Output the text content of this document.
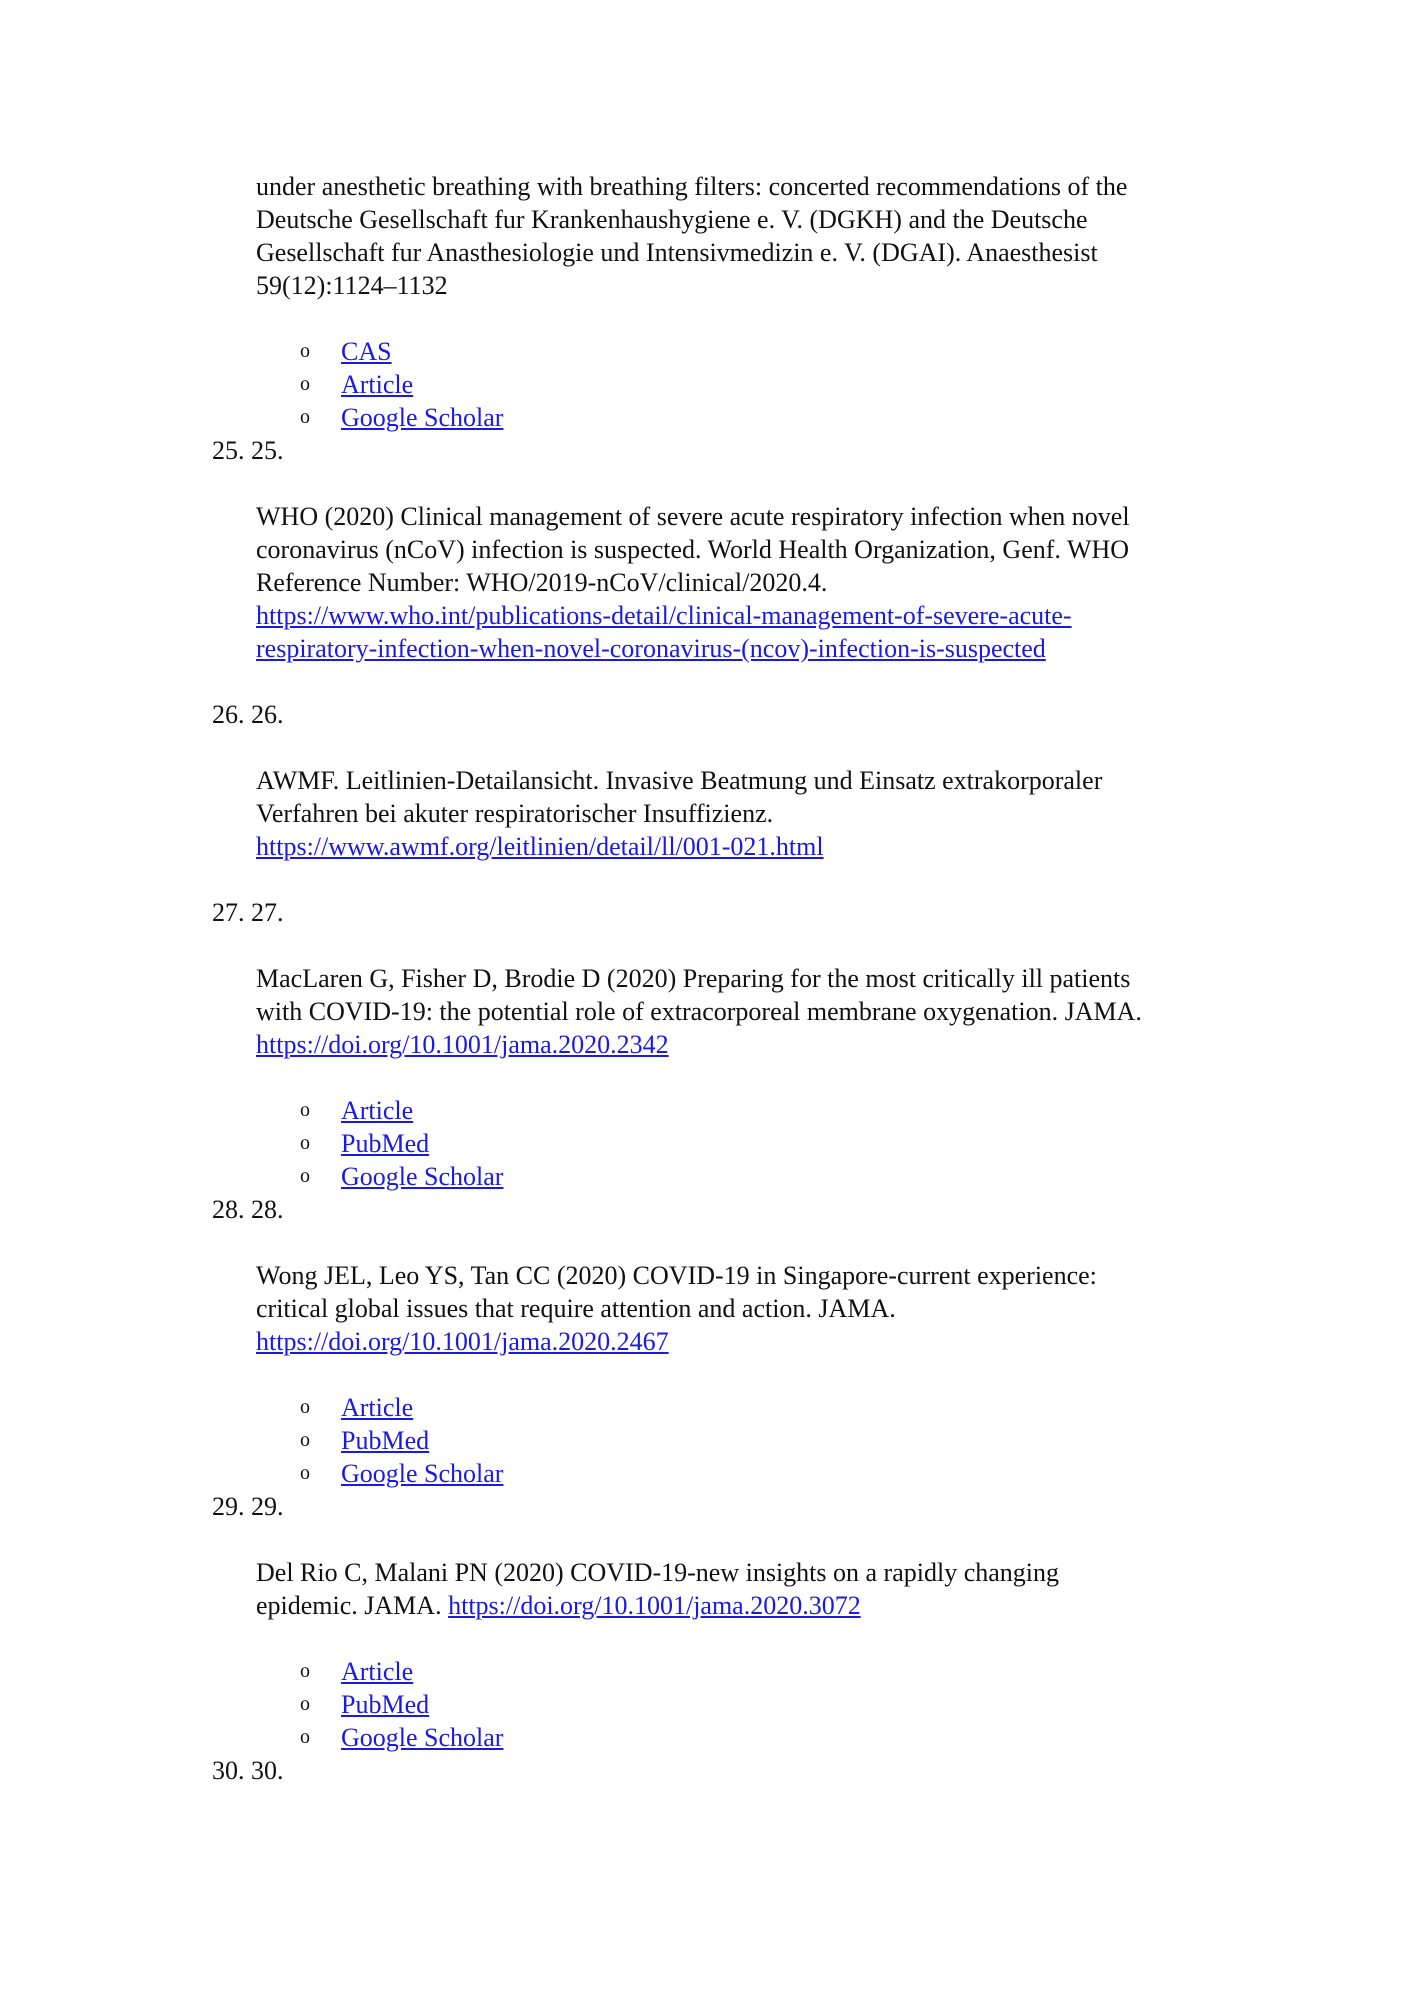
under anesthetic breathing with breathing filters: concerted recommendations of the
Deutsche Gesellschaft fur Krankenhaushygiene e. V. (DGKH) and the Deutsche
Gesellschaft fur Anasthesiologie und Intensivmedizin e. V. (DGAI). Anaesthesist
59(12):1124–1132
o CAS
o Article
o Google Scholar
25. 25.
WHO (2020) Clinical management of severe acute respiratory infection when novel
coronavirus (nCoV) infection is suspected. World Health Organization, Genf. WHO
Reference Number: WHO/2019-nCoV/clinical/2020.4.
https://www.who.int/publications-detail/clinical-management-of-severe-acute-
respiratory-infection-when-novel-coronavirus-(ncov)-infection-is-suspected
26. 26.
AWMF. Leitlinien-Detailansicht. Invasive Beatmung und Einsatz extrakorporaler
Verfahren bei akuter respiratorischer Insuffizienz.
https://www.awmf.org/leitlinien/detail/ll/001-021.html
27. 27.
MacLaren G, Fisher D, Brodie D (2020) Preparing for the most critically ill patients
with COVID-19: the potential role of extracorporeal membrane oxygenation. JAMA.
https://doi.org/10.1001/jama.2020.2342
o Article
o PubMed
o Google Scholar
28. 28.
Wong JEL, Leo YS, Tan CC (2020) COVID-19 in Singapore-current experience:
critical global issues that require attention and action. JAMA.
https://doi.org/10.1001/jama.2020.2467
o Article
o PubMed
o Google Scholar
29. 29.
Del Rio C, Malani PN (2020) COVID-19-new insights on a rapidly changing
epidemic. JAMA. https://doi.org/10.1001/jama.2020.3072
o Article
o PubMed
o Google Scholar
30. 30.
